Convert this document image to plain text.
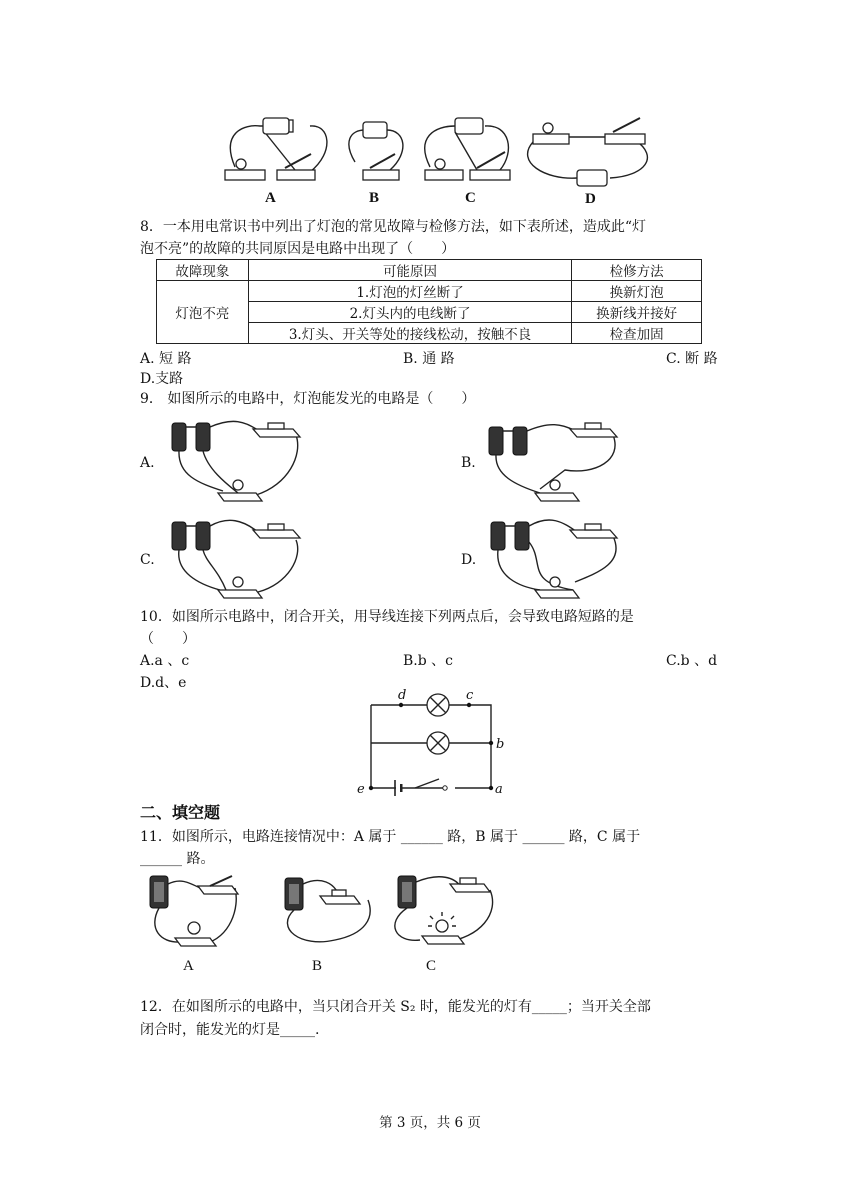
A	B	C	D
8．一本用电常识书中列出了灯泡的常见故障与检修方法，如下表所述，造成此“灯
泡不亮”的故障的共同原因是电路中出现了（　　）
故障现象	可能原因	检修方法
灯泡不亮	1.灯泡的灯丝断了	换新灯泡
	2.灯头内的电线断了	换新线并接好
	3.灯头、开关等处的接线松动，按触不良	检查加固
A. 短 路	B. 通 路	C. 断 路
D.支路
9． 如图所示的电路中，灯泡能发光的电路是（　　）
A.	B.
C.	D.
10．如图所示电路中，闭合开关，用导线连接下列两点后，会导致电路短路的是
（　　）
A.a 、c	B.b 、c	C.b 、d
D.d、e
d	c
b
e	a
二、填空题
11．如图所示，电路连接情况中：A 属于 ______ 路，B 属于 ______ 路，C 属于
______ 路。
A	B	C
12．在如图所示的电路中，当只闭合开关 S₂ 时，能发光的灯有_____；当开关全部
闭合时，能发光的灯是_____.
第 3 页，共 6 页
